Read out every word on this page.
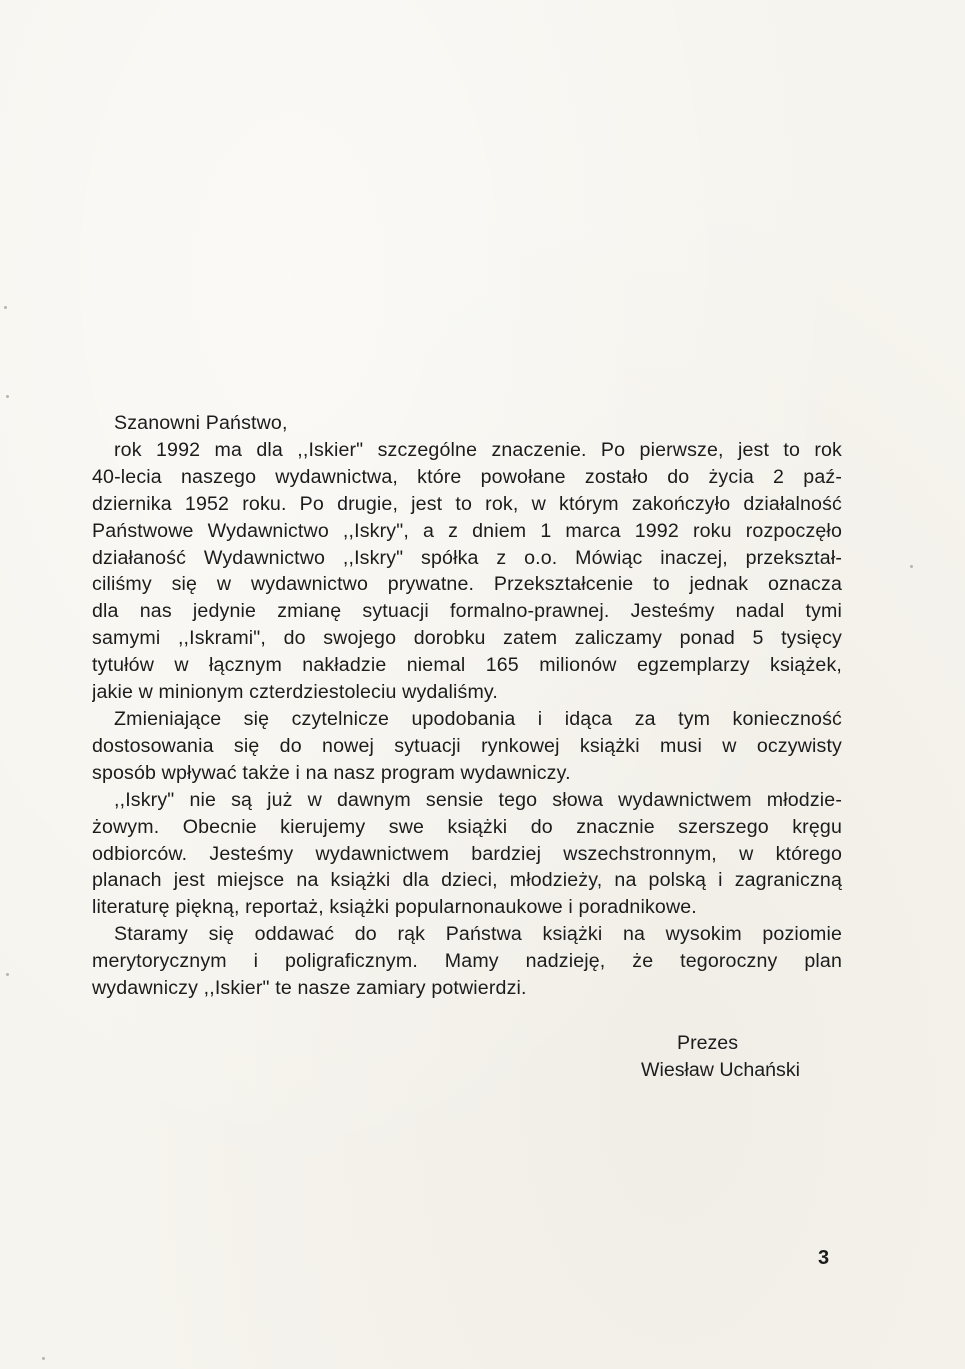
Szanowni Państwo,
rok 1992 ma dla ,,Iskier" szczególne znaczenie. Po pierwsze, jest to rok
40-lecia naszego wydawnictwa, które powołane zostało do życia 2 paź-
dziernika 1952 roku. Po drugie, jest to rok, w którym zakończyło działalność
Państwowe Wydawnictwo ,,Iskry", a z dniem 1 marca 1992 roku rozpoczęło
działaność Wydawnictwo ,,Iskry" spółka z o.o. Mówiąc inaczej, przekształ-
ciliśmy się w wydawnictwo prywatne. Przekształcenie to jednak oznacza
dla nas jedynie zmianę sytuacji formalno-prawnej. Jesteśmy nadal tymi
samymi ,,Iskrami", do swojego dorobku zatem zaliczamy ponad 5 tysięcy
tytułów w łącznym nakładzie niemal 165 milionów egzemplarzy książek,
jakie w minionym czterdziestoleciu wydaliśmy.
Zmieniające się czytelnicze upodobania i idąca za tym konieczność
dostosowania się do nowej sytuacji rynkowej książki musi w oczywisty
sposób wpływać także i na nasz program wydawniczy.
,,Iskry" nie są już w dawnym sensie tego słowa wydawnictwem młodzie-
żowym. Obecnie kierujemy swe książki do znacznie szerszego kręgu
odbiorców. Jesteśmy wydawnictwem bardziej wszechstronnym, w którego
planach jest miejsce na książki dla dzieci, młodzieży, na polską i zagraniczną
literaturę piękną, reportaż, książki popularnonaukowe i poradnikowe.
Staramy się oddawać do rąk Państwa książki na wysokim poziomie
merytorycznym i poligraficznym. Mamy nadzieję, że tegoroczny plan
wydawniczy ,,Iskier" te nasze zamiary potwierdzi.
Prezes
Wiesław Uchański
3
